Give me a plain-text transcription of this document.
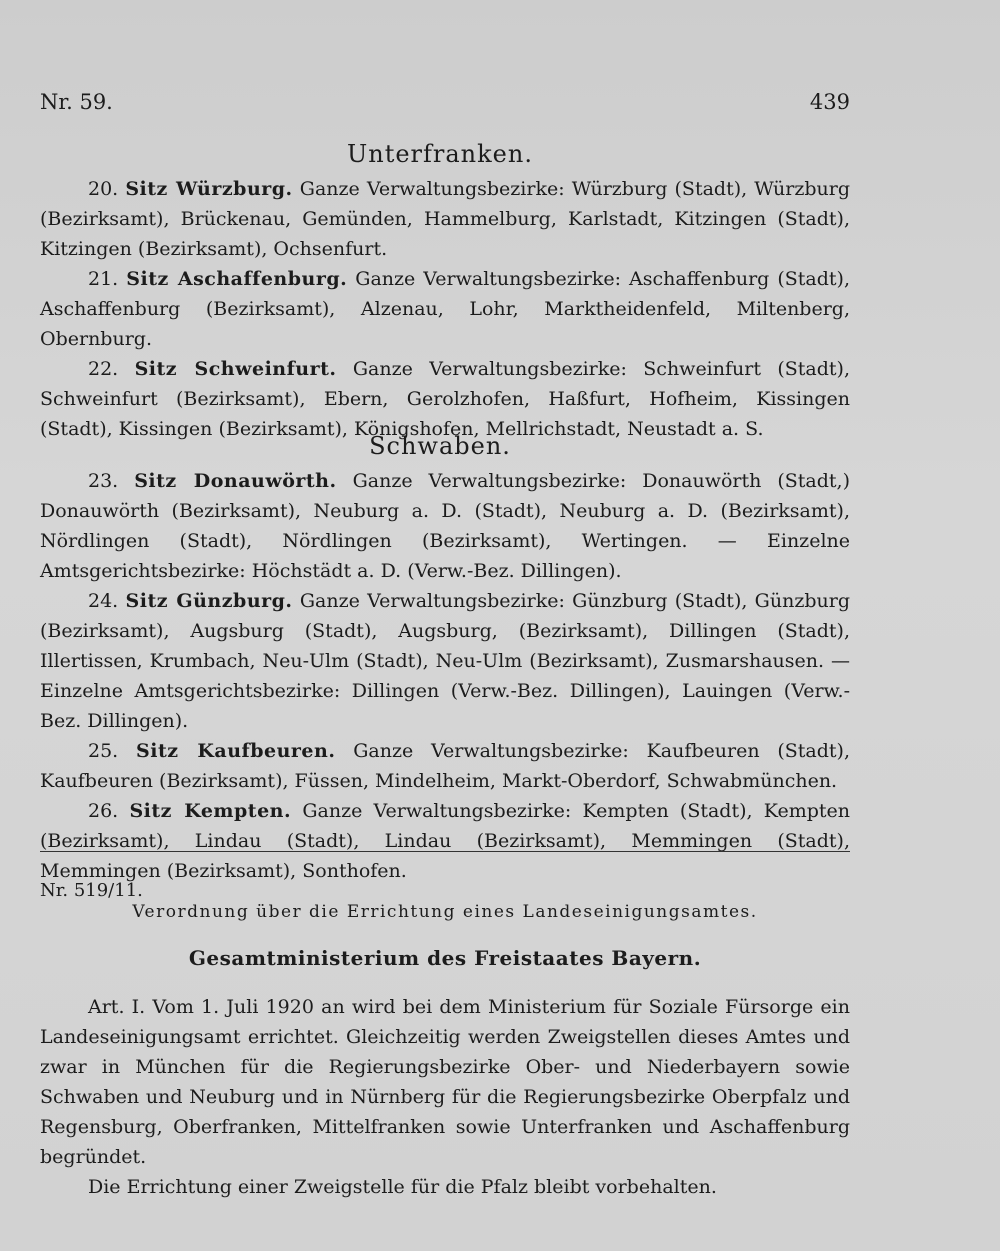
Nr. 59.	439
Unterfranken.

20. Sitz Würzburg. Ganze Verwaltungsbezirke: Würzburg (Stadt), Würzburg (Bezirksamt), Brückenau, Gemünden, Hammelburg, Karlstadt, Kitzingen (Stadt), Kitzingen (Bezirksamt), Ochsenfurt.

21. Sitz Aschaffenburg. Ganze Verwaltungsbezirke: Aschaffenburg (Stadt), Aschaffenburg (Bezirksamt), Alzenau, Lohr, Marktheidenfeld, Miltenberg, Obernburg.

22. Sitz Schweinfurt. Ganze Verwaltungsbezirke: Schweinfurt (Stadt), Schweinfurt (Bezirksamt), Ebern, Gerolzhofen, Haßfurt, Hofheim, Kissingen (Stadt), Kissingen (Bezirksamt), Königshofen, Mellrichstadt, Neustadt a. S.

Schwaben.

23. Sitz Donauwörth. Ganze Verwaltungsbezirke: Donauwörth (Stadt,) Donauwörth (Bezirksamt), Neuburg a. D. (Stadt), Neuburg a. D. (Bezirksamt), Nördlingen (Stadt), Nördlingen (Bezirksamt), Wertingen. — Einzelne Amtsgerichtsbezirke: Höchstädt a. D. (Verw.-Bez. Dillingen).

24. Sitz Günzburg. Ganze Verwaltungsbezirke: Günzburg (Stadt), Günzburg (Bezirksamt), Augsburg (Stadt), Augsburg, (Bezirksamt), Dillingen (Stadt), Illertissen, Krumbach, Neu-Ulm (Stadt), Neu-Ulm (Bezirksamt), Zusmarshausen. — Einzelne Amtsgerichtsbezirke: Dillingen (Verw.-Bez. Dillingen), Lauingen (Verw.-Bez. Dillingen).

25. Sitz Kaufbeuren. Ganze Verwaltungsbezirke: Kaufbeuren (Stadt), Kaufbeuren (Bezirksamt), Füssen, Mindelheim, Markt-Oberdorf, Schwabmünchen.

26. Sitz Kempten. Ganze Verwaltungsbezirke: Kempten (Stadt), Kempten (Bezirksamt), Lindau (Stadt), Lindau (Bezirksamt), Memmingen (Stadt), Memmingen (Bezirksamt), Sonthofen.

Nr. 519/11.
Verordnung über die Errichtung eines Landeseinigungsamtes.
Gesamtministerium des Freistaates Bayern.

Art. I. Vom 1. Juli 1920 an wird bei dem Ministerium für Soziale Fürsorge ein Landeseinigungsamt errichtet. Gleichzeitig werden Zweigstellen dieses Amtes und zwar in München für die Regierungsbezirke Ober- und Niederbayern sowie Schwaben und Neuburg und in Nürnberg für die Regierungsbezirke Oberpfalz und Regensburg, Oberfranken, Mittelfranken sowie Unterfranken und Aschaffenburg begründet.

Die Errichtung einer Zweigstelle für die Pfalz bleibt vorbehalten.
